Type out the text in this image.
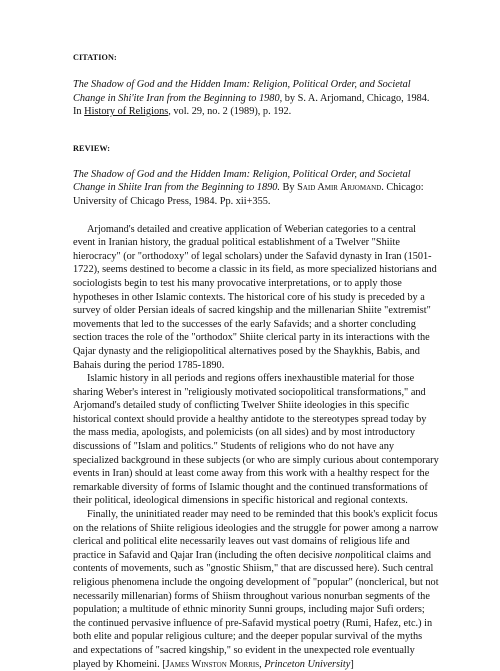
CITATION:

The Shadow of God and the Hidden Imam: Religion, Political Order, and Societal Change in Shi'ite Iran from the Beginning to 1980, by S. A. Arjomand, Chicago, 1984.
In History of Religions, vol. 29, no. 2 (1989), p. 192.

REVIEW:

The Shadow of God and the Hidden Imam: Religion, Political Order, and Societal Change in Shiite Iran from the Beginning to 1890. By Said Amir Arjomand. Chicago: University of Chicago Press, 1984. Pp. xii+355.

Arjomand's detailed and creative application of Weberian categories to a central event in Iranian history, the gradual political establishment of a Twelver "Shiite hierocracy" (or "orthodoxy" of legal scholars) under the Safavid dynasty in Iran (1501-1722), seems destined to become a classic in its field, as more specialized historians and sociologists begin to test his many provocative interpretations, or to apply those hypotheses in other Islamic contexts. The historical core of his study is preceded by a survey of older Persian ideals of sacred kingship and the millenarian Shiite "extremist" movements that led to the successes of the early Safavids; and a shorter concluding section traces the role of the "orthodox" Shiite clerical party in its interactions with the Qajar dynasty and the religiopolitical alternatives posed by the Shaykhis, Babis, and Bahais during the period 1785-1890.

Islamic history in all periods and regions offers inexhaustible material for those sharing Weber's interest in "religiously motivated sociopolitical transformations," and Arjomand's detailed study of conflicting Twelver Shiite ideologies in this specific historical context should provide a healthy antidote to the stereotypes spread today by the mass media, apologists, and polemicists (on all sides) and by most introductory discussions of "Islam and politics." Students of religions who do not have any specialized background in these subjects (or who are simply curious about contemporary events in Iran) should at least come away from this work with a healthy respect for the remarkable diversity of forms of Islamic thought and the continued transformations of their political, ideological dimensions in specific historical and regional contexts.

Finally, the uninitiated reader may need to be reminded that this book's explicit focus on the relations of Shiite religious ideologies and the struggle for power among a narrow clerical and political elite necessarily leaves out vast domains of religious life and practice in Safavid and Qajar Iran (including the often decisive nonpolitical claims and contents of movements, such as "gnostic Shiism," that are discussed here). Such central religious phenomena include the ongoing development of "popular" (nonclerical, but not necessarily millenarian) forms of Shiism throughout various nonurban segments of the population; a multitude of ethnic minority Sunni groups, including major Sufi orders; the continued pervasive influence of pre-Safavid mystical poetry (Rumi, Hafez, etc.) in both elite and popular religious culture; and the deeper popular survival of the myths and expectations of "sacred kingship," so evident in the unexpected role eventually played by Khomeini. [James Winston Morris, Princeton University]
